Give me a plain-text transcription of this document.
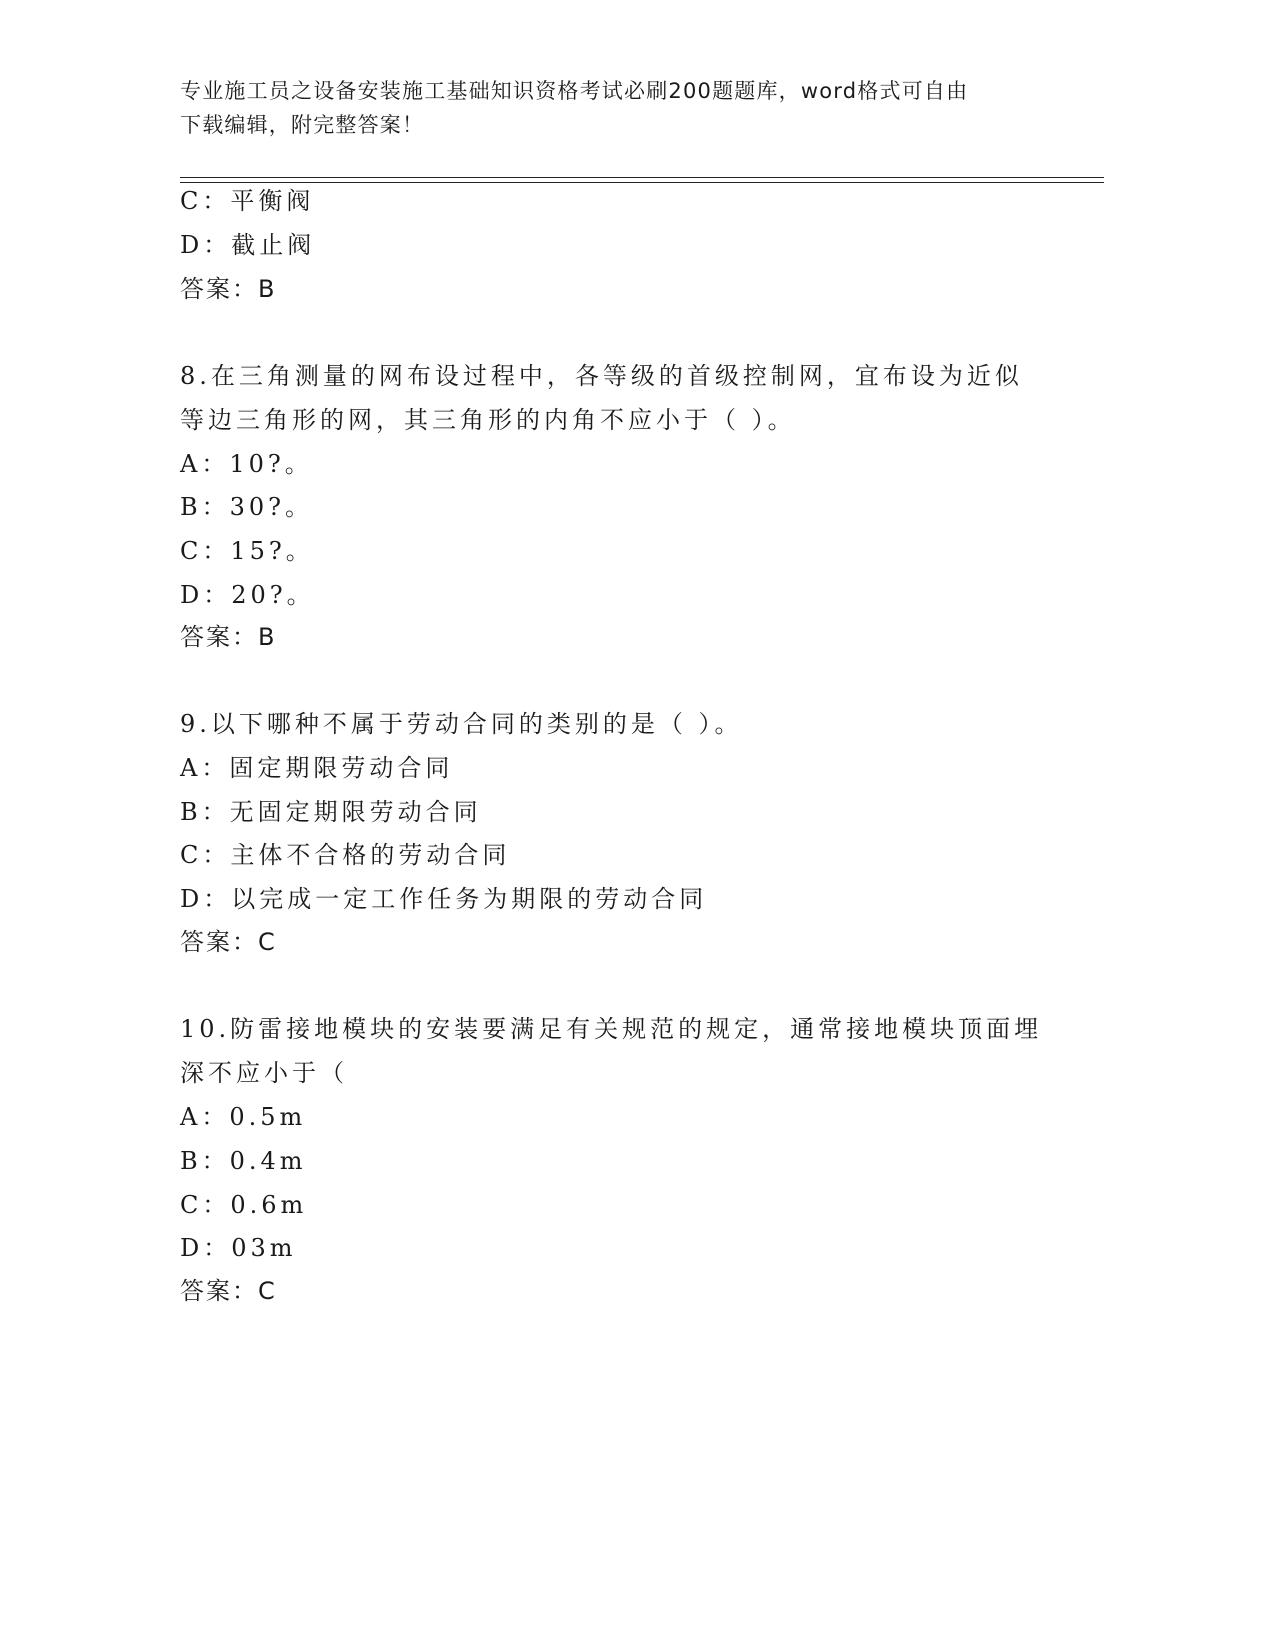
专业施工员之设备安装施工基础知识资格考试必刷200题题库，word格式可自由
下载编辑，附完整答案！
C：平衡阀
D：截止阀
答案：B
8.在三角测量的网布设过程中，各等级的首级控制网，宜布设为近似
等边三角形的网，其三角形的内角不应小于（ ）。
A：10?。
B：30?。
C：15?。
D：20?。
答案：B
9.以下哪种不属于劳动合同的类别的是（ ）。
A：固定期限劳动合同
B：无固定期限劳动合同
C：主体不合格的劳动合同
D：以完成一定工作任务为期限的劳动合同
答案：C
10.防雷接地模块的安装要满足有关规范的规定，通常接地模块顶面埋
深不应小于（
A：0.5m
B：0.4m
C：0.6m
D：03m
答案：C
